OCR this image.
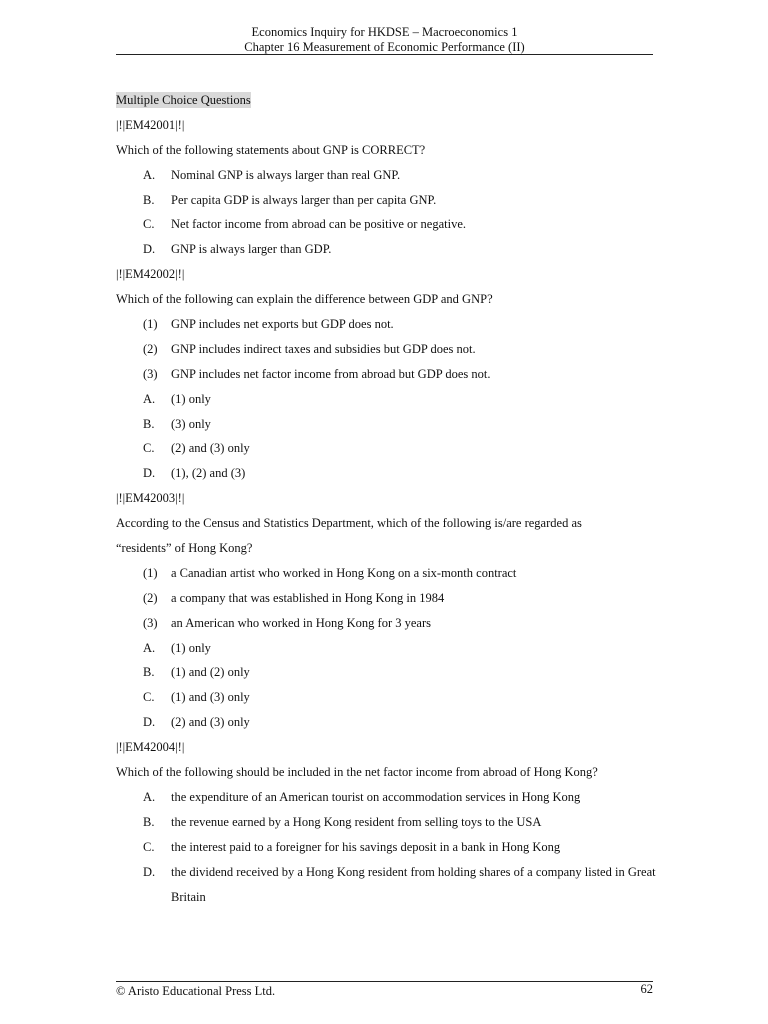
Economics Inquiry for HKDSE – Macroeconomics 1
Chapter 16 Measurement of Economic Performance (II)
Multiple Choice Questions
|!|EM42001|!|
Which of the following statements about GNP is CORRECT?
A. Nominal GNP is always larger than real GNP.
B. Per capita GDP is always larger than per capita GNP.
C. Net factor income from abroad can be positive or negative.
D. GNP is always larger than GDP.
|!|EM42002|!|
Which of the following can explain the difference between GDP and GNP?
(1) GNP includes net exports but GDP does not.
(2) GNP includes indirect taxes and subsidies but GDP does not.
(3) GNP includes net factor income from abroad but GDP does not.
A. (1) only
B. (3) only
C. (2) and (3) only
D. (1), (2) and (3)
|!|EM42003|!|
According to the Census and Statistics Department, which of the following is/are regarded as
“residents” of Hong Kong?
(1) a Canadian artist who worked in Hong Kong on a six-month contract
(2) a company that was established in Hong Kong in 1984
(3) an American who worked in Hong Kong for 3 years
A. (1) only
B. (1) and (2) only
C. (1) and (3) only
D. (2) and (3) only
|!|EM42004|!|
Which of the following should be included in the net factor income from abroad of Hong Kong?
A. the expenditure of an American tourist on accommodation services in Hong Kong
B. the revenue earned by a Hong Kong resident from selling toys to the USA
C. the interest paid to a foreigner for his savings deposit in a bank in Hong Kong
D. the dividend received by a Hong Kong resident from holding shares of a company listed in Great Britain
© Aristo Educational Press Ltd.	62
